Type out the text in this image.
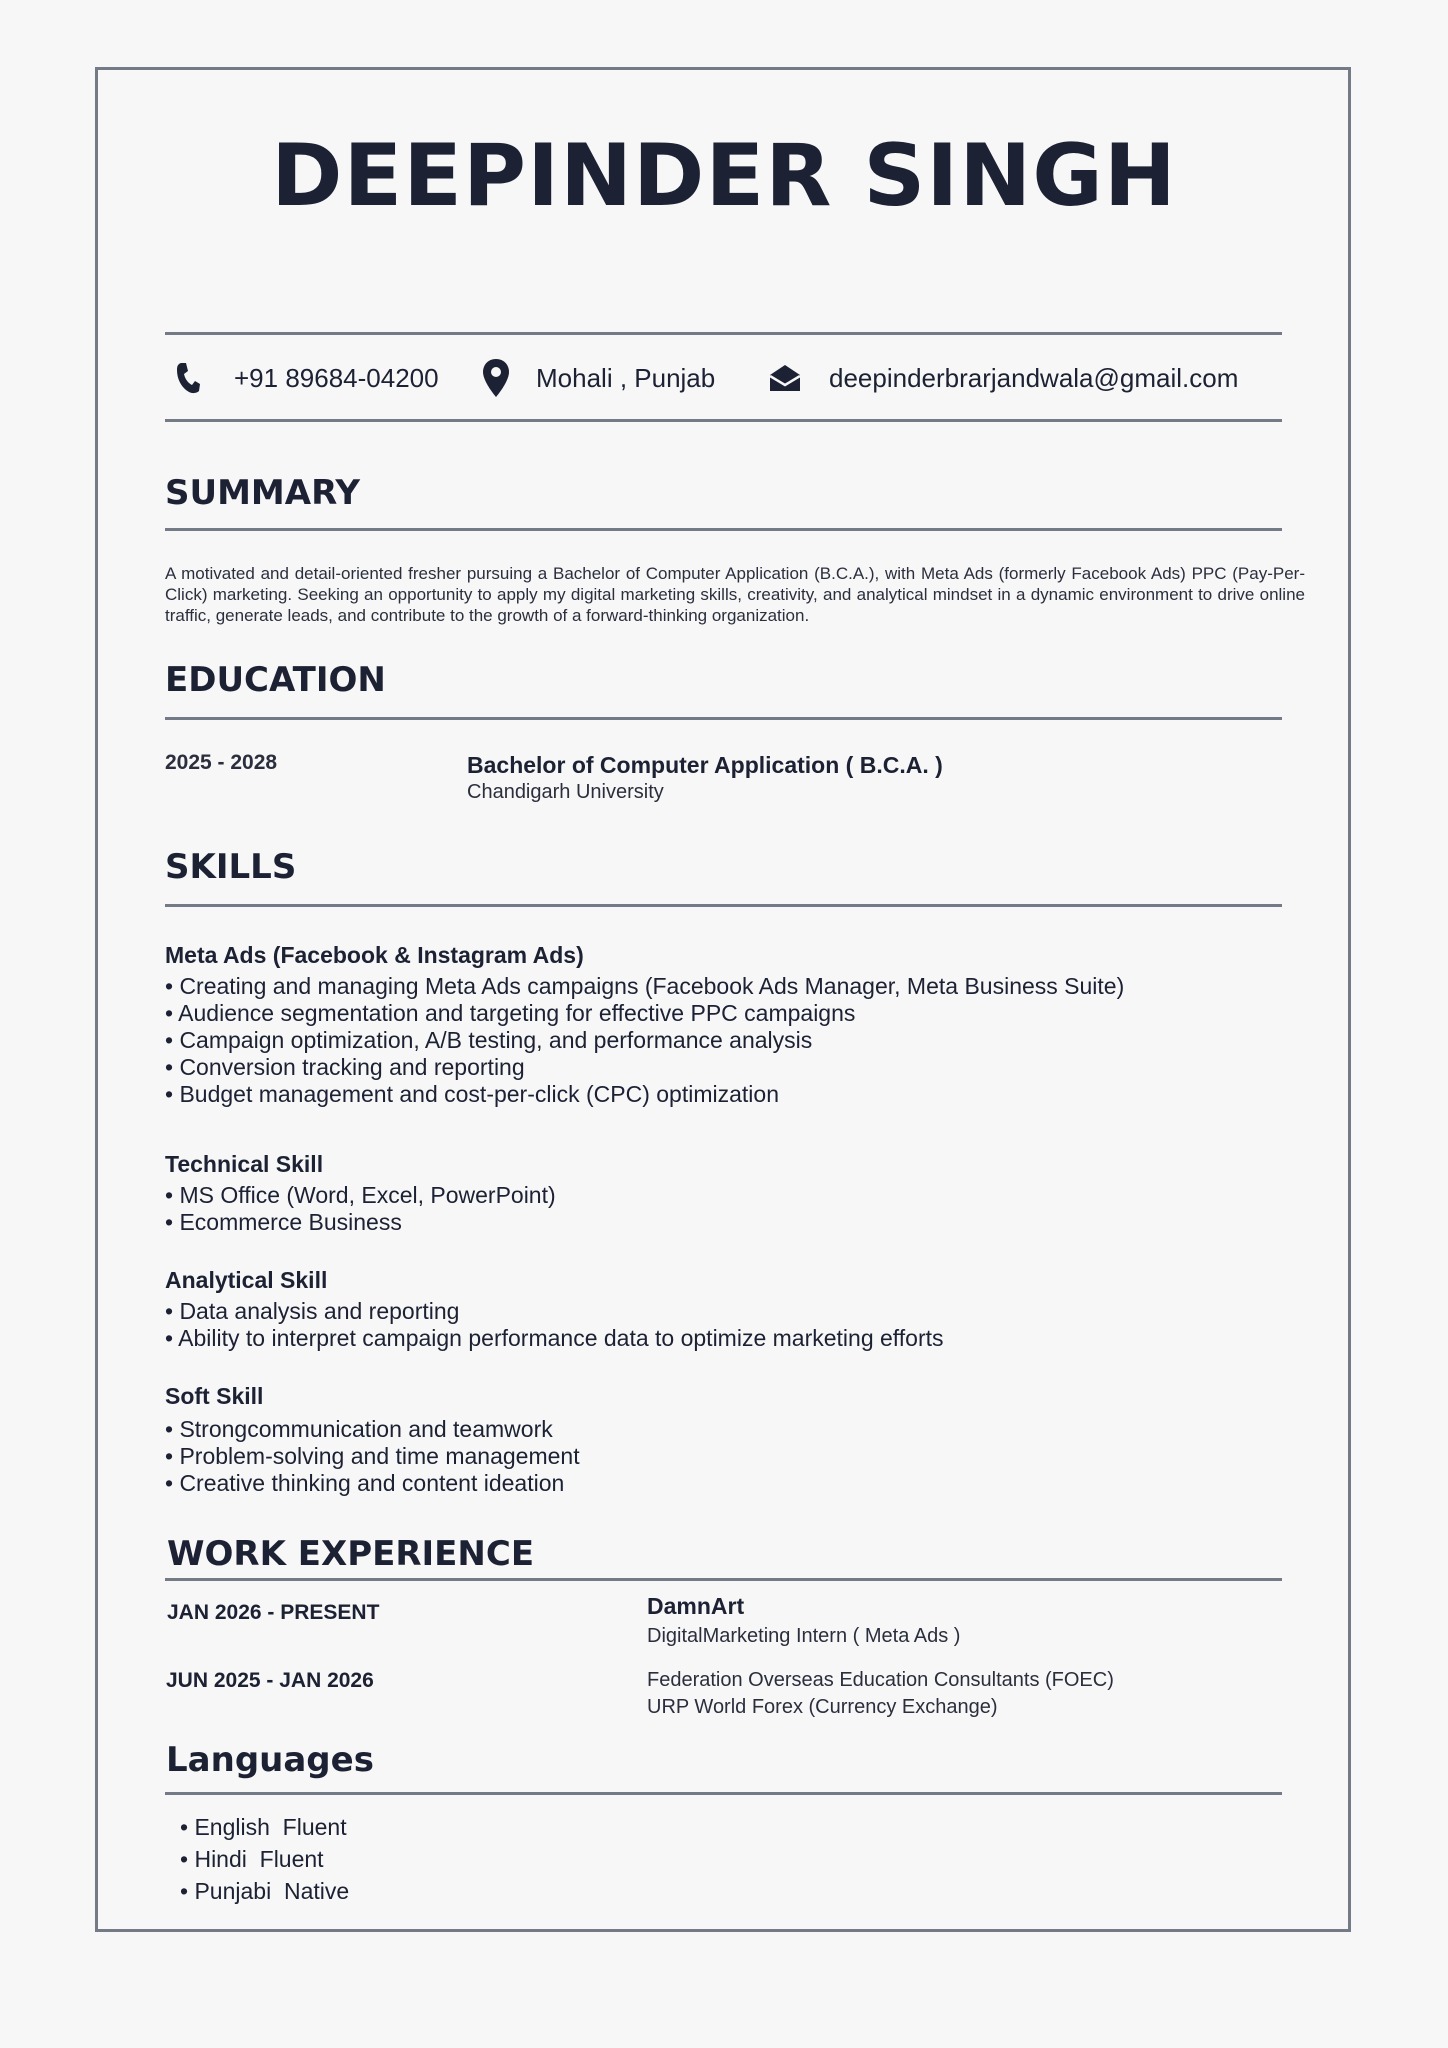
DEEPINDER SINGH
+91 89684-04200	Mohali , Punjab	deepinderbrarjandwala@gmail.com
SUMMARY
A motivated and detail-oriented fresher pursuing a Bachelor of Computer Application (B.C.A.), with Meta Ads (formerly Facebook Ads) PPC (Pay-Per-Click) marketing. Seeking an opportunity to apply my digital marketing skills, creativity, and analytical mindset in a dynamic environment to drive online traffic, generate leads, and contribute to the growth of a forward-thinking organization.
EDUCATION
2025 - 2028	Bachelor of Computer Application ( B.C.A. )
Chandigarh University
SKILLS
Meta Ads (Facebook & Instagram Ads)
• Creating and managing Meta Ads campaigns (Facebook Ads Manager, Meta Business Suite)
• Audience segmentation and targeting for effective PPC campaigns
• Campaign optimization, A/B testing, and performance analysis
• Conversion tracking and reporting
• Budget management and cost-per-click (CPC) optimization
Technical Skill
• MS Office (Word, Excel, PowerPoint)
• Ecommerce Business
Analytical Skill
• Data analysis and reporting
• Ability to interpret campaign performance data to optimize marketing efforts
Soft Skill
• Strongcommunication and teamwork
• Problem-solving and time management
• Creative thinking and content ideation
WORK EXPERIENCE
JAN 2026 - PRESENT	DamnArt
DigitalMarketing Intern ( Meta Ads )
JUN 2025 - JAN 2026	Federation Overseas Education Consultants (FOEC)
URP World Forex (Currency Exchange)
Languages
• English  Fluent
• Hindi  Fluent
• Punjabi  Native
